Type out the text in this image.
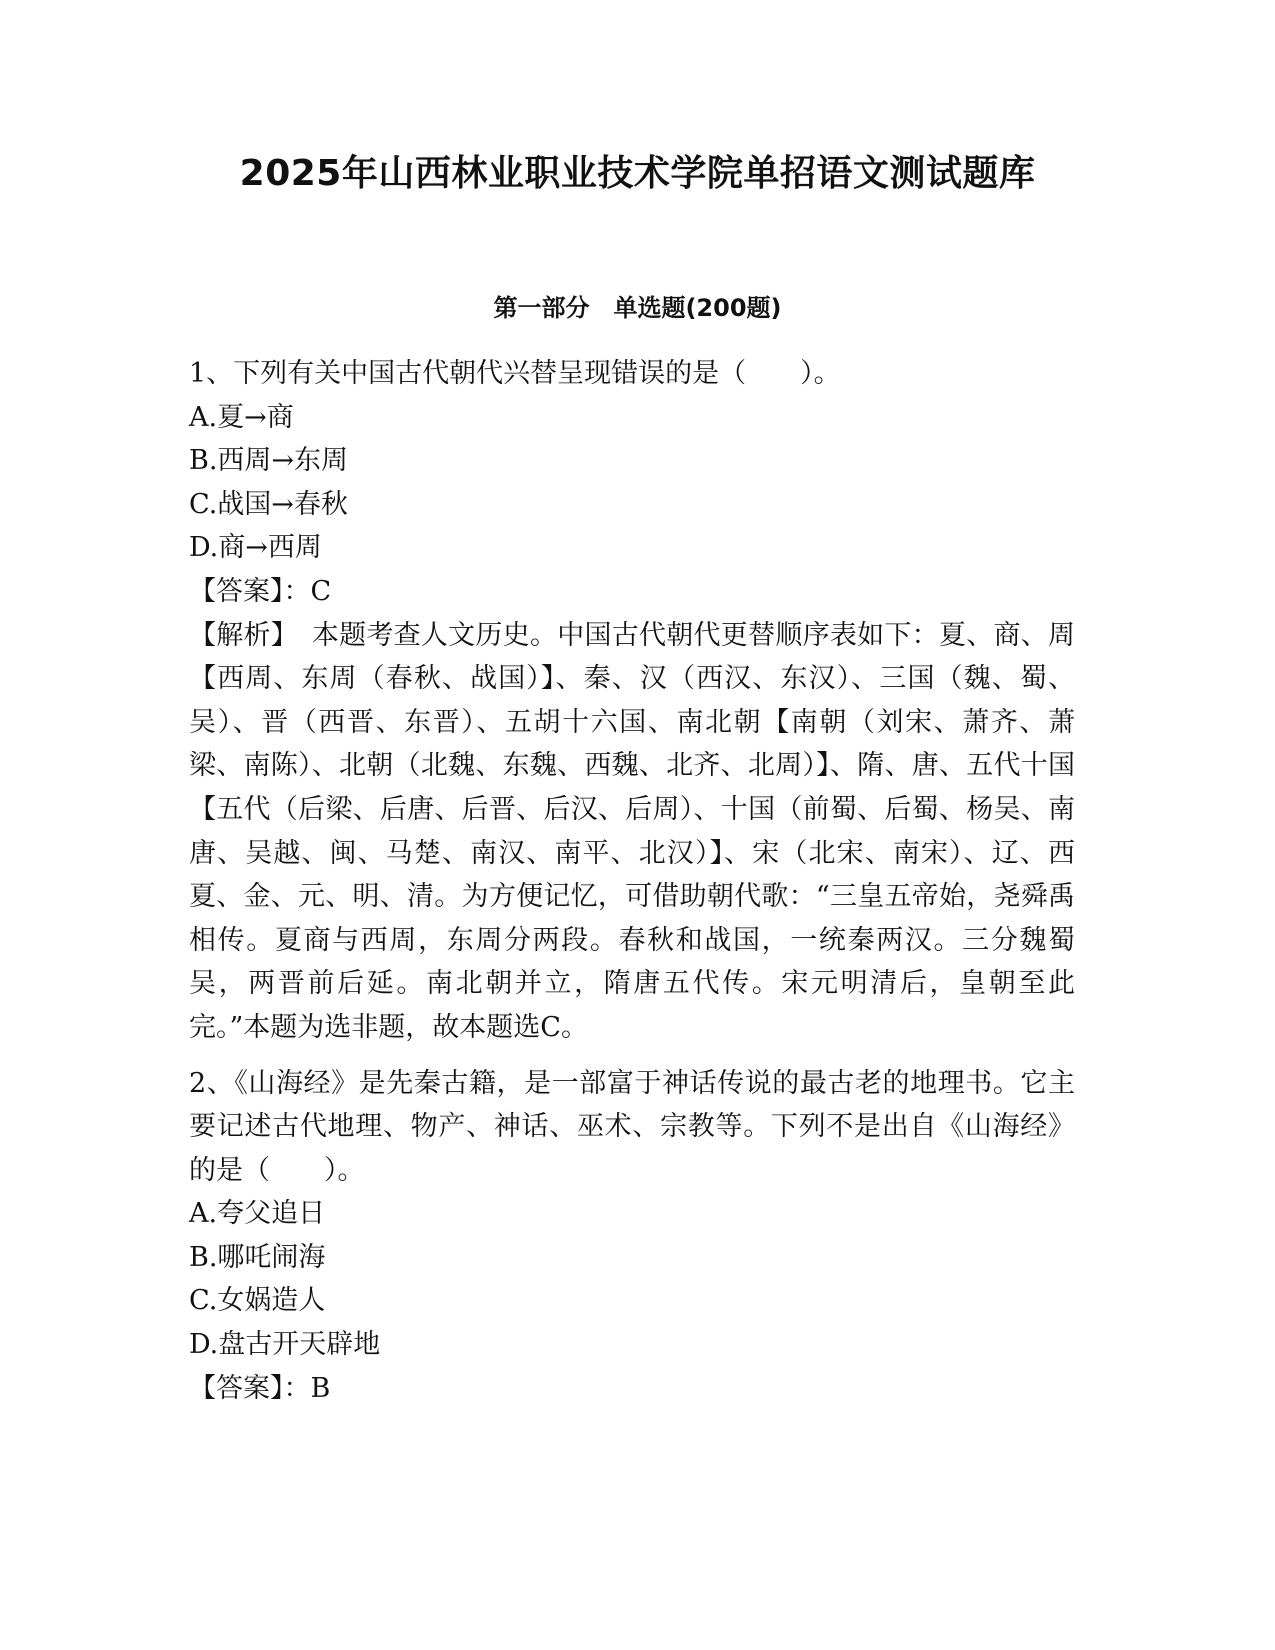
2025年山西林业职业技术学院单招语文测试题库
第一部分　单选题(200题)

1、下列有关中国古代朝代兴替呈现错误的是（　　）。

A.夏→商

B.西周→东周

C.战国→春秋

D.商→西周

【答案】：C

【解析】　本题考查人文历史。中国古代朝代更替顺序表如下：夏、商、周【西周、东周（春秋、战国）】、秦、汉（西汉、东汉）、三国（魏、蜀、吴）、晋（西晋、东晋）、五胡十六国、南北朝【南朝（刘宋、萧齐、萧梁、南陈）、北朝（北魏、东魏、西魏、北齐、北周）】、隋、唐、五代十国【五代（后梁、后唐、后晋、后汉、后周）、十国（前蜀、后蜀、杨吴、南唐、吴越、闽、马楚、南汉、南平、北汉）】、宋（北宋、南宋）、辽、西夏、金、元、明、清。为方便记忆，可借助朝代歌：“三皇五帝始，尧舜禹相传。夏商与西周，东周分两段。春秋和战国，一统秦两汉。三分魏蜀吴，两晋前后延。南北朝并立，隋唐五代传。宋元明清后，皇朝至此完。”本题为选非题，故本题选C。

2、《山海经》是先秦古籍，是一部富于神话传说的最古老的地理书。它主要记述古代地理、物产、神话、巫术、宗教等。下列不是出自《山海经》的是（　　）。

A.夸父追日

B.哪吒闹海

C.女娲造人

D.盘古开天辟地

【答案】：B
